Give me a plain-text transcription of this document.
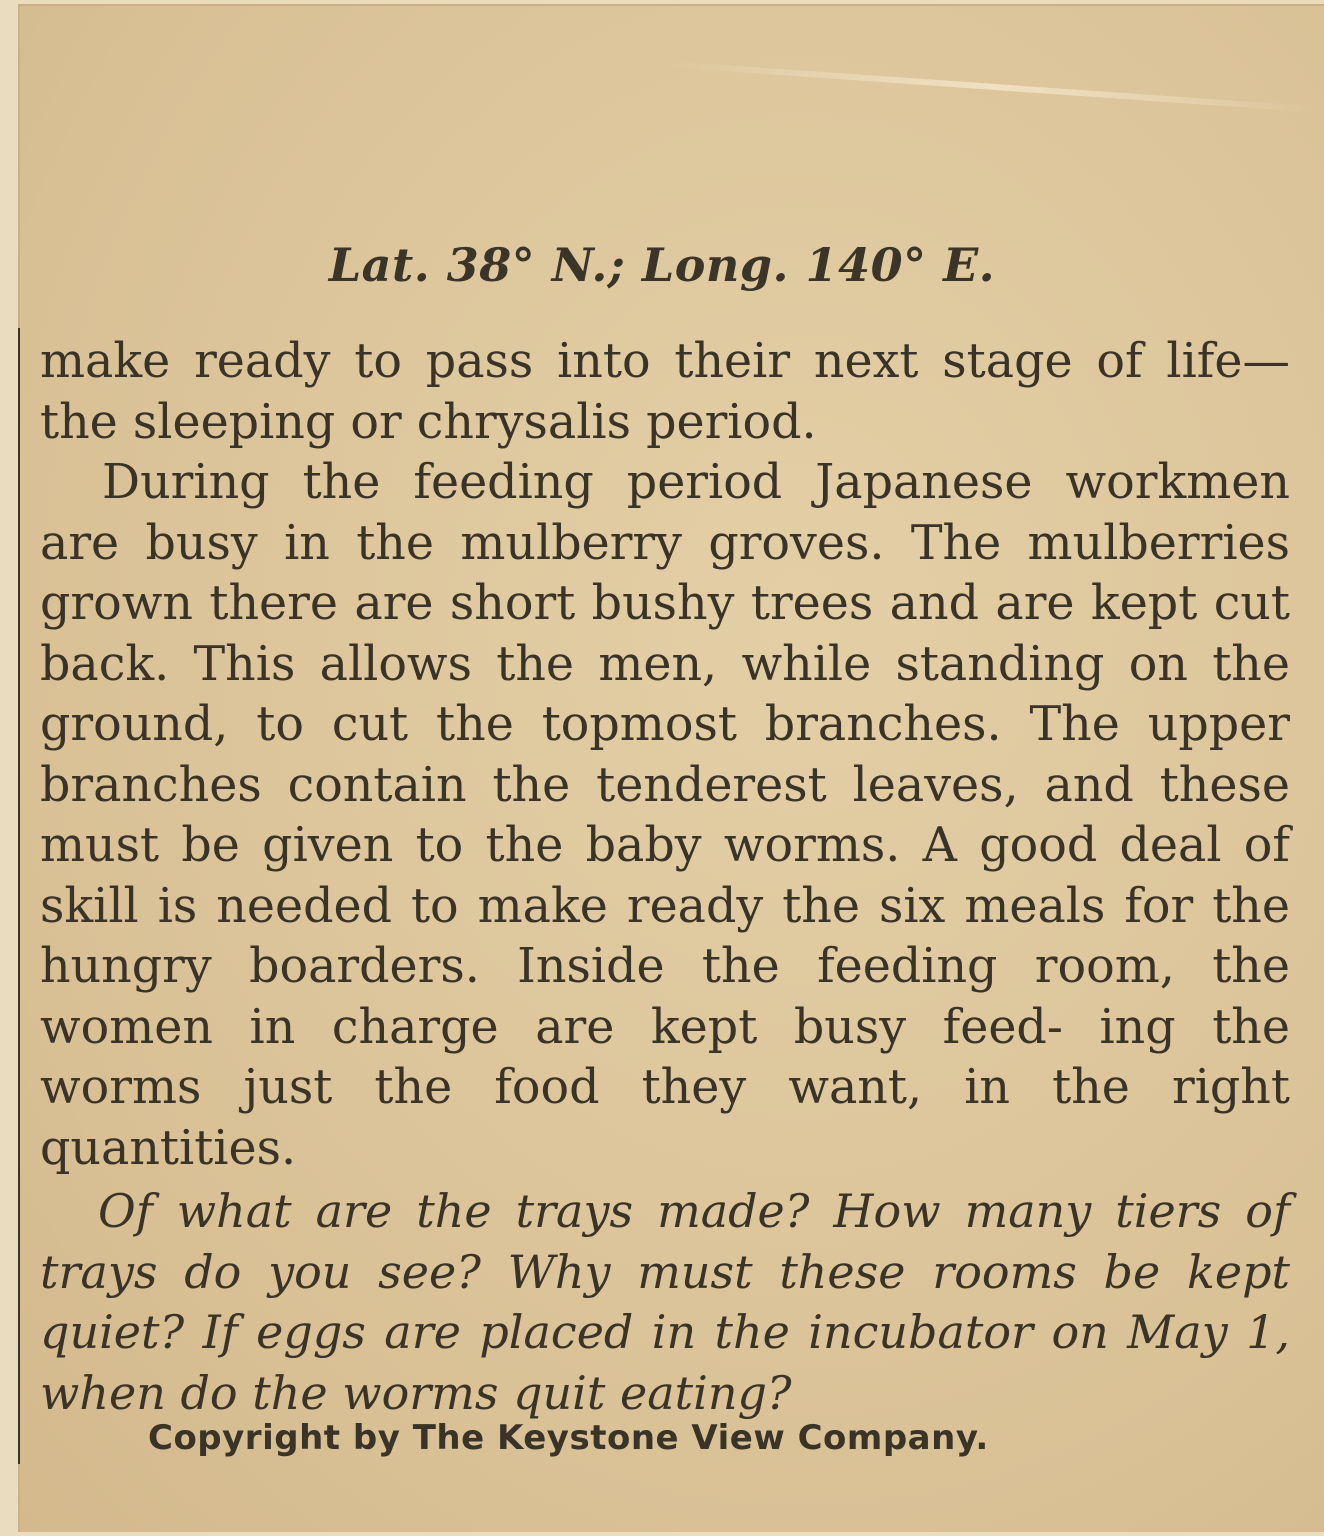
Lat. 38° N.; Long. 140° E.

make ready to pass into their next stage of life— the sleeping or chrysalis period.

During the feeding period Japanese workmen are busy in the mulberry groves. The mulberries grown there are short bushy trees and are kept cut back. This allows the men, while standing on the ground, to cut the topmost branches. The upper branches contain the tenderest leaves, and these must be given to the baby worms. A good deal of skill is needed to make ready the six meals for the hungry boarders. Inside the feeding room, the women in charge are kept busy feed- ing the worms just the food they want, in the right quantities.

Of what are the trays made? How many tiers of trays do you see? Why must these rooms be kept quiet? If eggs are placed in the incubator on May 1, when do the worms quit eating?

Copyright by The Keystone View Company.
